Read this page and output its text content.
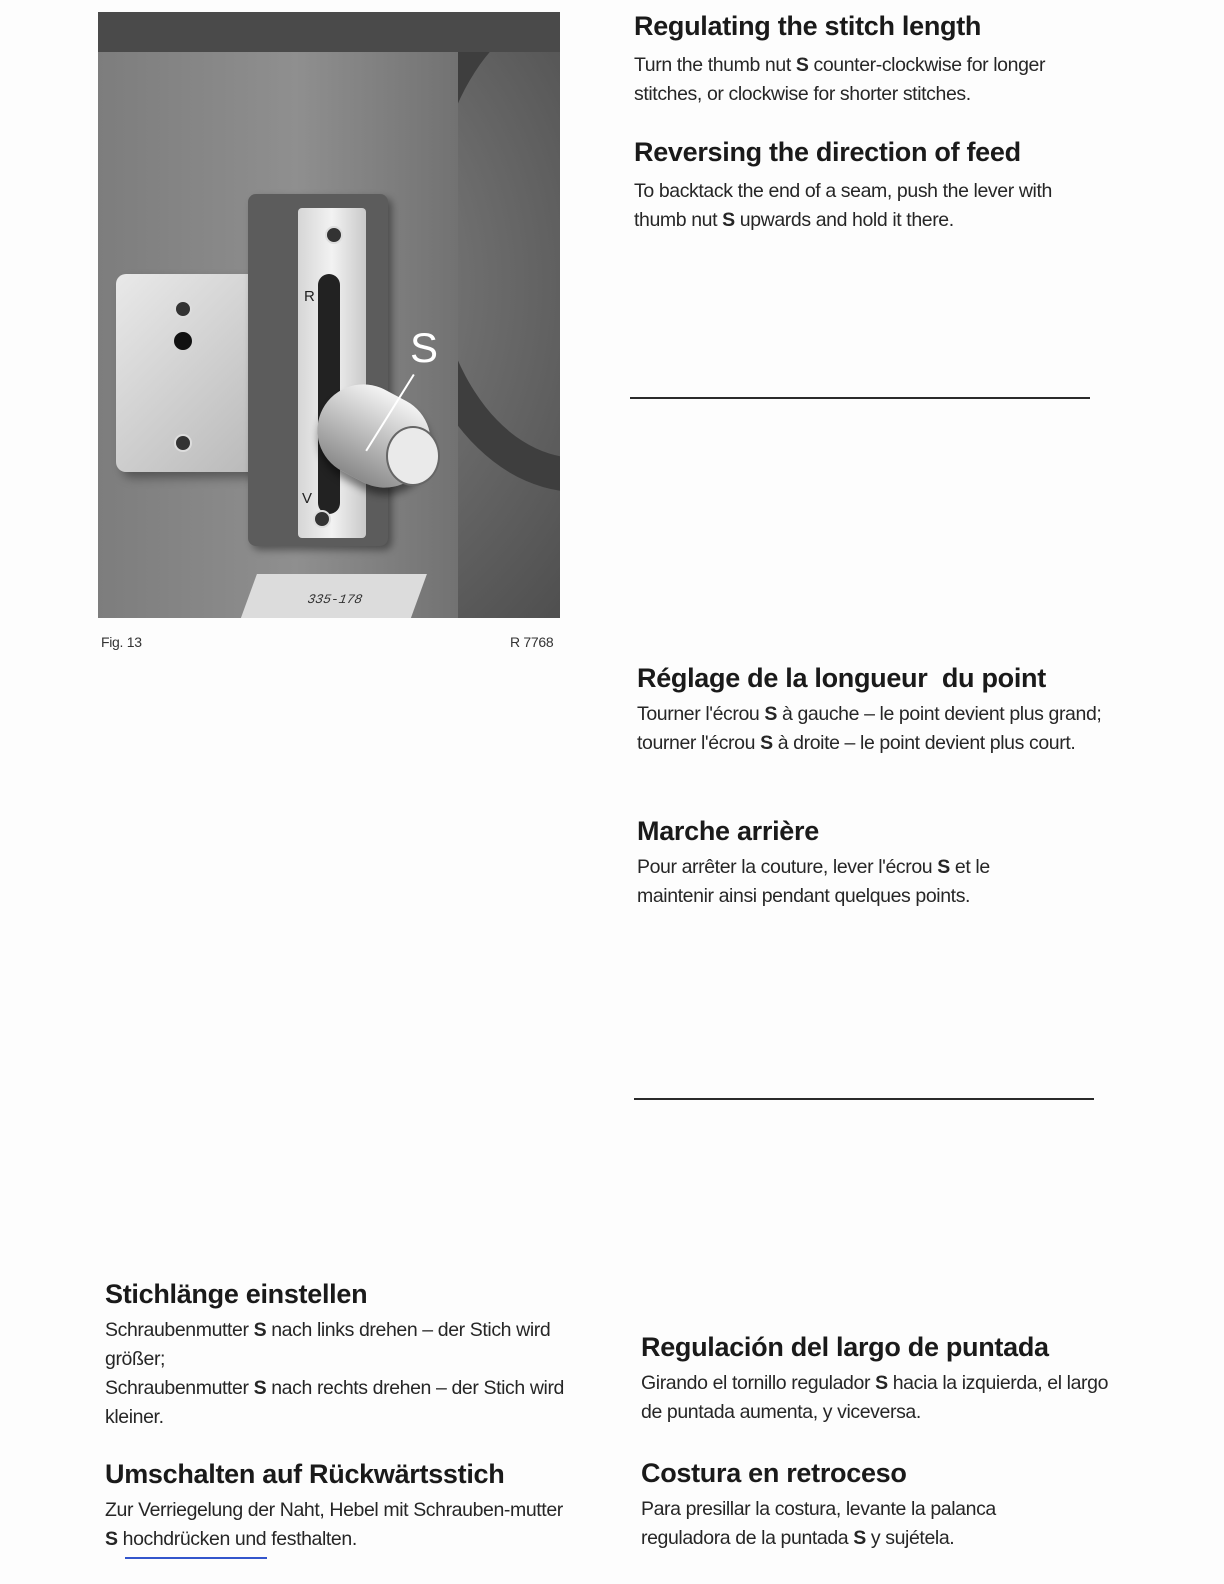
R
V
S
335-178
Fig. 13	R 7768
Regulating the stitch length

Turn the thumb nut S counter-clockwise for longer stitches, or clockwise for shorter stitches.

Reversing the direction of feed

To backtack the end of a seam, push the lever with thumb nut S upwards and hold it there.

Réglage de la longueur  du point

Tourner l'écrou S à gauche – le point devient plus grand; tourner l'écrou S à droite – le point devient plus court.

Marche arrière

Pour arrêter la couture, lever l'écrou S et le maintenir ainsi pendant quelques points.

Stichlänge einstellen

Schraubenmutter S nach links drehen – der Stich wird größer;

Schraubenmutter S nach rechts drehen – der Stich wird kleiner.

Umschalten auf Rückwärtsstich

Zur Verriegelung der Naht, Hebel mit Schrauben-mutter S hochdrücken und festhalten.

Regulación del largo de puntada

Girando el tornillo regulador S hacia la izquierda, el largo de puntada aumenta, y viceversa.

Costura en retroceso

Para presillar la costura, levante la palanca reguladora de la puntada S y sujétela.
